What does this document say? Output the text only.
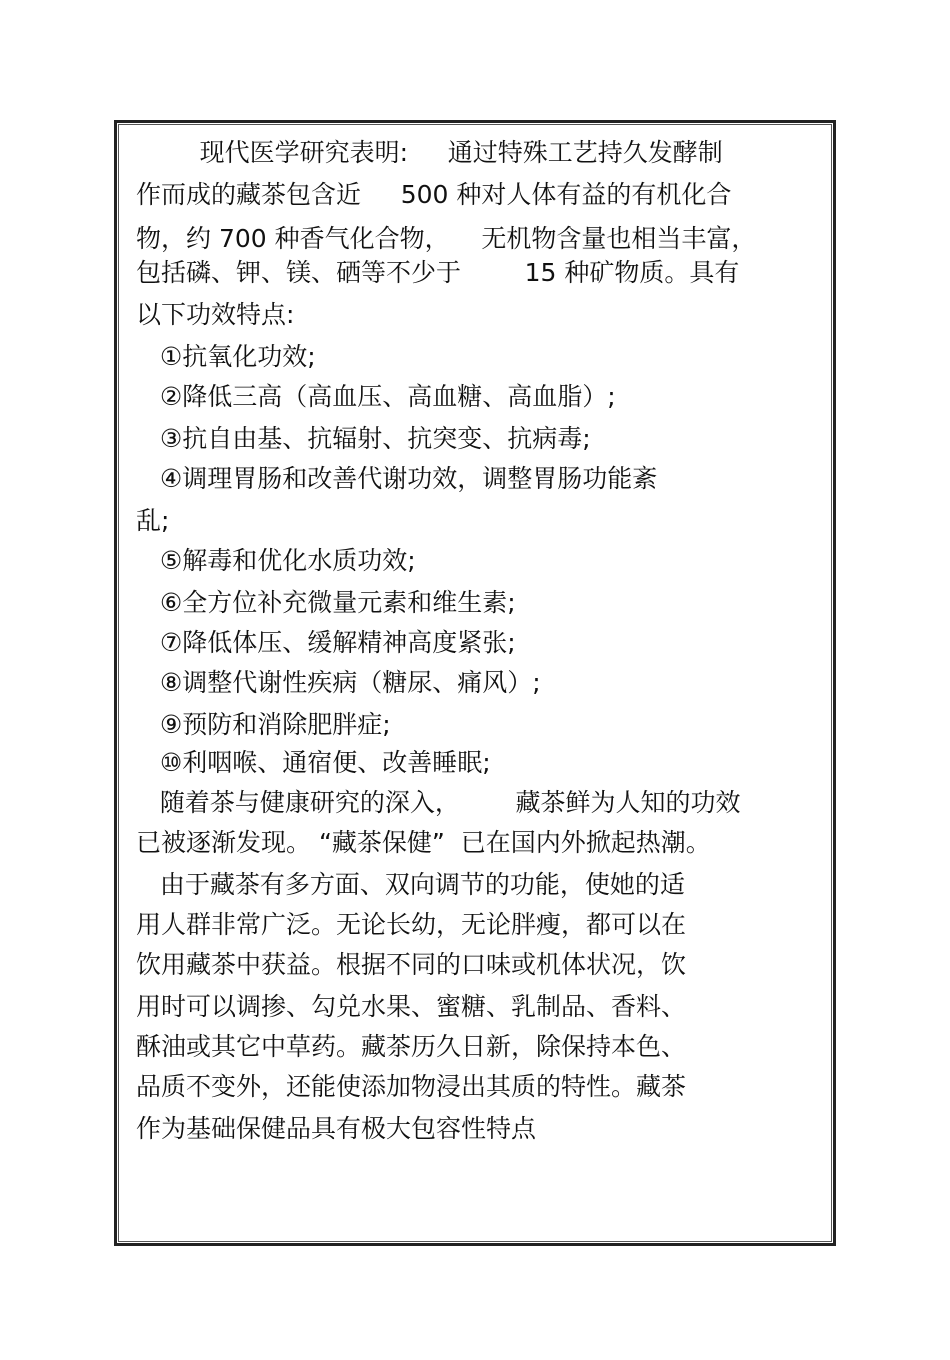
现代医学研究表明:     通过特殊工艺持久发酵制
作而成的藏茶包含近     500 种对人体有益的有机化合
物，约 700 种香气化合物，    无机物含量也相当丰富，
包括磷、钾、镁、硒等不少于        15 种矿物质。具有
以下功效特点:
①抗氧化功效;
②降低三高（高血压、高血糖、高血脂）;
③抗自由基、抗辐射、抗突变、抗病毒;
④调理胃肠和改善代谢功效，调整胃肠功能紊
乱;
⑤解毒和优化水质功效;
⑥全方位补充微量元素和维生素;
⑦降低体压、缓解精神高度紧张;
⑧调整代谢性疾病（糖尿、痛风）;
⑨预防和消除肥胖症;
⑩利咽喉、通宿便、改善睡眠;
随着茶与健康研究的深入，       藏茶鲜为人知的功效
已被逐渐发现。 “藏茶保健”  已在国内外掀起热潮。
由于藏茶有多方面、双向调节的功能，使她的适
用人群非常广泛。无论长幼，无论胖瘦，都可以在
饮用藏茶中获益。根据不同的口味或机体状况，饮
用时可以调掺、勾兑水果、蜜糖、乳制品、香料、
酥油或其它中草药。藏茶历久日新，除保持本色、
品质不变外，还能使添加物浸出其质的特性。藏茶
作为基础保健品具有极大包容性特点
